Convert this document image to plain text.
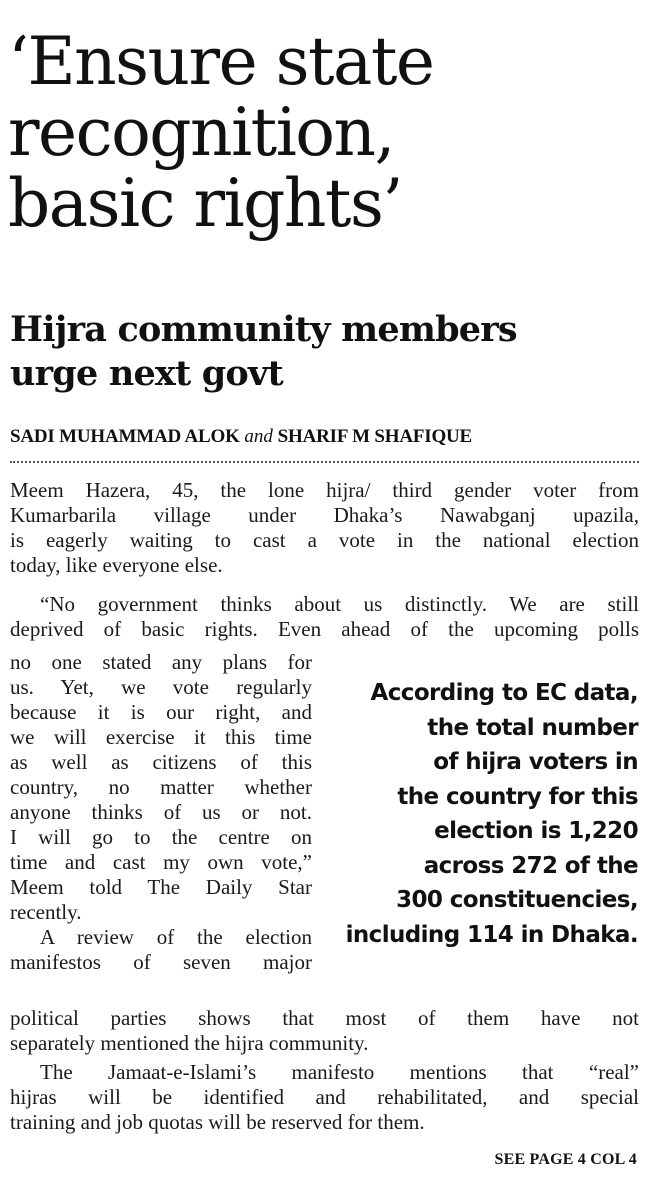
‘Ensure state
recognition,
basic rights’
Hijra community members
urge next govt
SADI MUHAMMAD ALOK and SHARIF M SHAFIQUE
Meem Hazera, 45, the lone hijra/ third gender voter from
Kumarbarila village under Dhaka’s Nawabganj upazila,
is eagerly waiting to cast a vote in the national election
today, like everyone else.
“No government thinks about us distinctly. We are still
deprived of basic rights. Even ahead of the upcoming polls
no one stated any plans for
us. Yet, we vote regularly
because it is our right, and
we will exercise it this time
as well as citizens of this
country, no matter whether
anyone thinks of us or not.
I will go to the centre on
time and cast my own vote,”
Meem told The Daily Star
recently.
A review of the election
manifestos of seven major
According to EC data,
the total number
of hijra voters in
the country for this
election is 1,220
across 272 of the
300 constituencies,
including 114 in Dhaka.
political parties shows that most of them have not
separately mentioned the hijra community.
The Jamaat-e-Islami’s manifesto mentions that “real”
hijras will be identified and rehabilitated, and special
training and job quotas will be reserved for them.
SEE PAGE 4 COL 4
